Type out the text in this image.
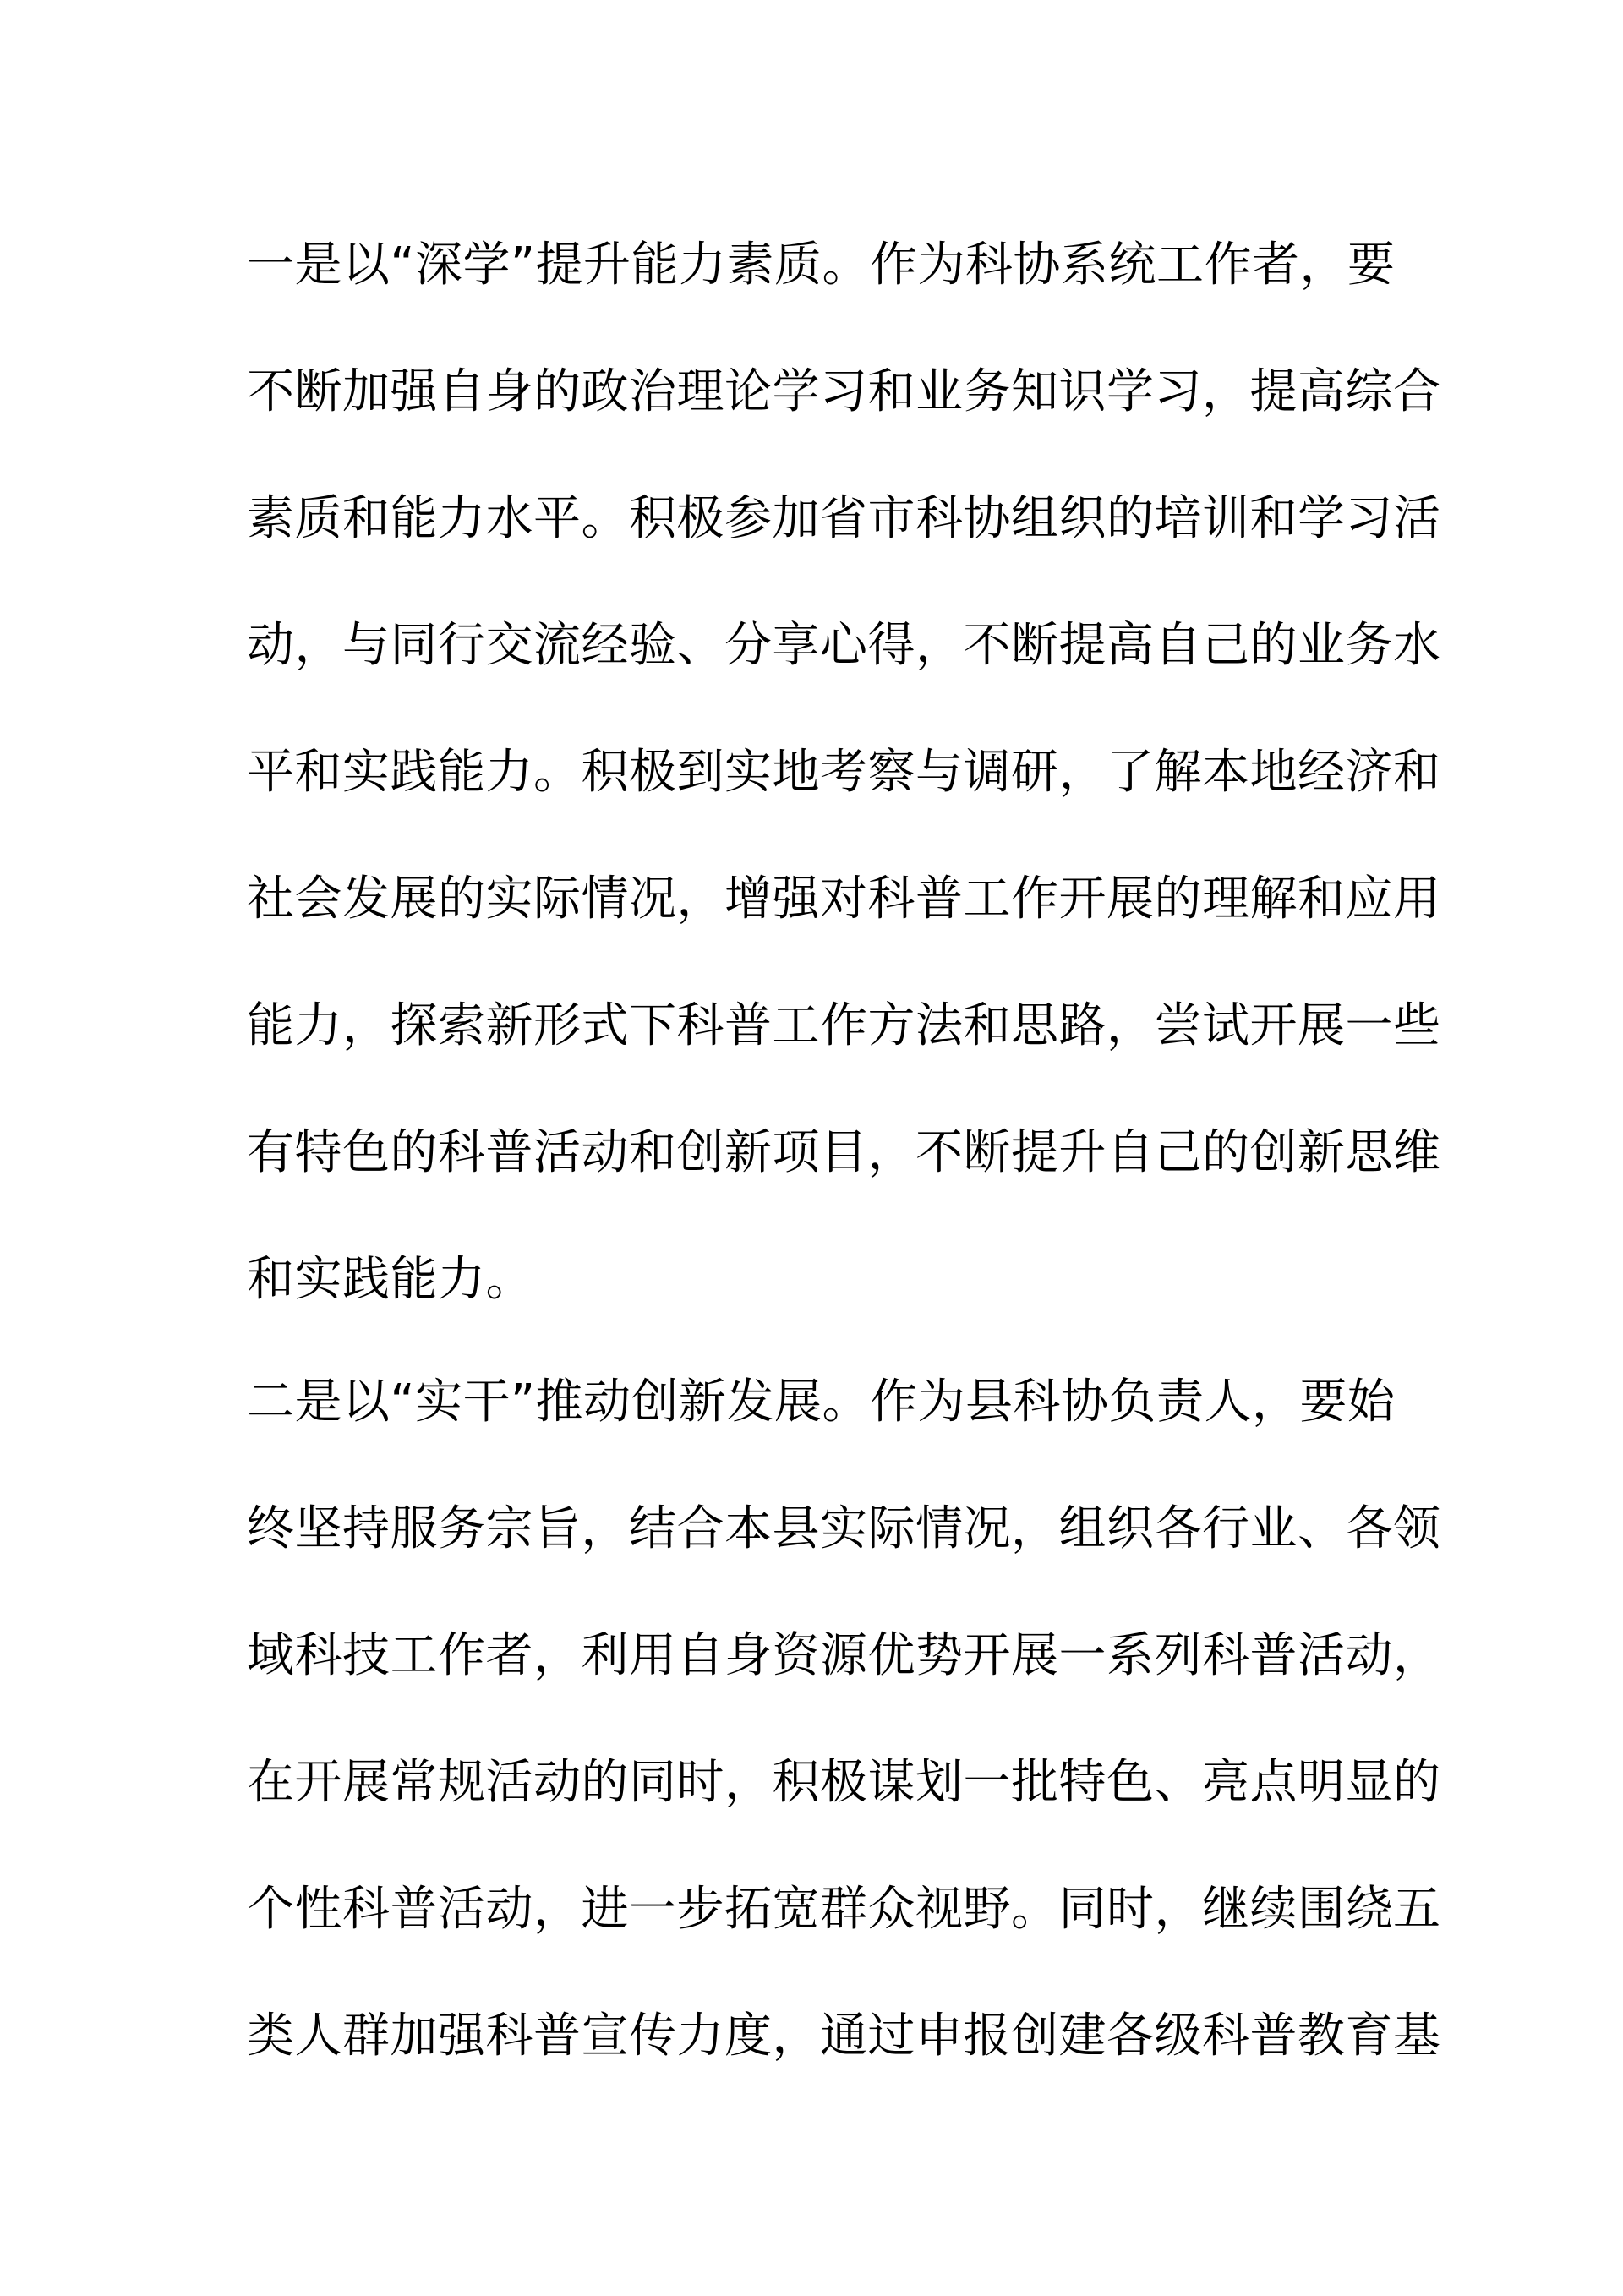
一是以“深学”提升能力素质。作为科协系统工作者，要
不断加强自身的政治理论学习和业务知识学习，提高综合
素质和能力水平。积极参加省市科协组织的培训和学习活
动，与同行交流经验、分享心得，不断提高自己的业务水
平和实践能力。积极到实地考察与调研，了解本地经济和
社会发展的实际情况，增强对科普工作开展的理解和应用
能力，探索新形式下科普工作方法和思路，尝试开展一些
有特色的科普活动和创新项目，不断提升自己的创新思维
和实践能力。
二是以“实干”推动创新发展。作为县科协负责人，要始
终坚持服务宗旨，结合本县实际情况，组织各行业、各领
域科技工作者，利用自身资源优势开展一系列科普活动，
在开展常规活动的同时，积极谋划一批特色、亮点明显的
个性科普活动，进一步拓宽群众视野。同时，继续围绕五
类人群加强科普宣传力度，通过申报创建各级科普教育基
